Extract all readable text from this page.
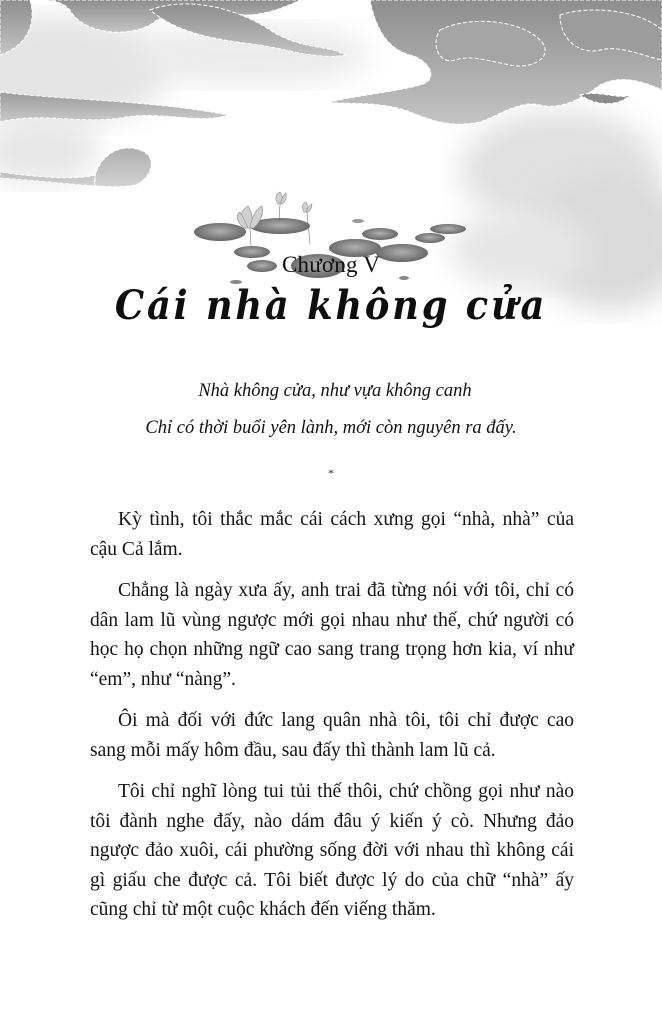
Chương V
Cái nhà không cửa
Nhà không cửa, như vựa không canh
Chỉ có thời buổi yên lành, mới còn nguyên ra đấy.
*

Kỳ tình, tôi thắc mắc cái cách xưng gọi “nhà, nhà” của cậu Cả lắm.

Chẳng là ngày xưa ấy, anh trai đã từng nói với tôi, chỉ có dân lam lũ vùng ngược mới gọi nhau như thế, chứ người có học họ chọn những ngữ cao sang trang trọng hơn kia, ví như “em”, như “nàng”.

Ôi mà đối với đức lang quân nhà tôi, tôi chỉ được cao sang mỗi mấy hôm đầu, sau đấy thì thành lam lũ cả.

Tôi chỉ nghĩ lòng tui tủi thế thôi, chứ chồng gọi như nào tôi đành nghe đấy, nào dám đâu ý kiến ý cò. Nhưng đảo ngược đảo xuôi, cái phường sống đời với nhau thì không cái gì giấu che được cả. Tôi biết được lý do của chữ “nhà” ấy cũng chỉ từ một cuộc khách đến viếng thăm.
